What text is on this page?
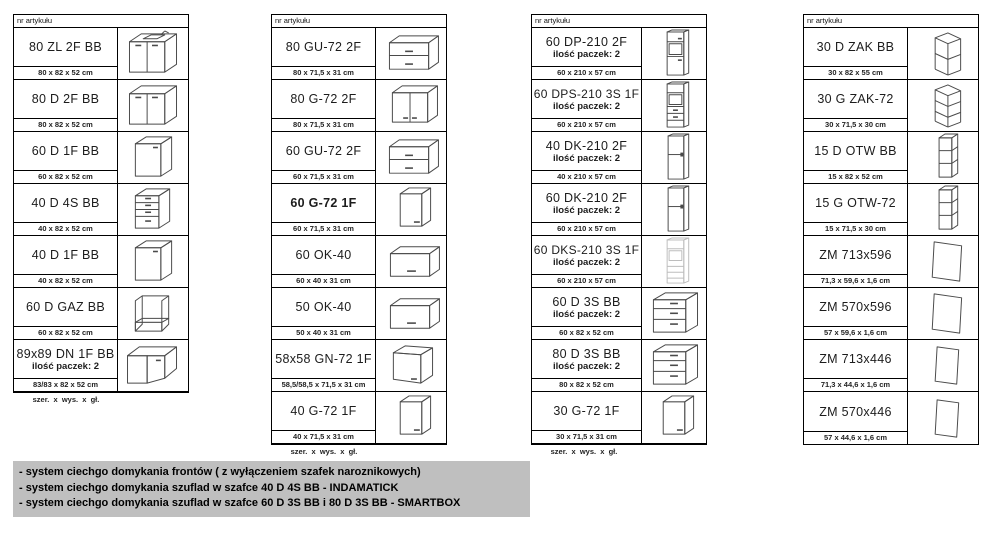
nr artykułu
80 ZL 2F BB
80 x 82 x 52 cm
80 D 2F BB
80 x 82 x 52 cm
60 D 1F BB
60 x 82 x 52 cm
40 D 4S BB
40 x 82 x 52 cm
40 D 1F BB
40 x 82 x 52 cm
60 D GAZ BB
60 x 82 x 52 cm
89x89 DN 1F BB
ilość paczek: 2
83/83 x 82 x 52 cm
szer.  x  wys.  x  gł.
nr artykułu
80 GU-72 2F
80 x 71,5 x 31 cm
80 G-72 2F
80 x 71,5 x 31 cm
60 GU-72 2F
60 x 71,5 x 31 cm
60 G-72 1F
60 x 71,5 x 31 cm
60 OK-40
60 x 40 x 31 cm
50 OK-40
50 x 40 x 31 cm
58x58 GN-72 1F
58,5/58,5 x 71,5 x 31 cm
40 G-72 1F
40 x 71,5 x 31 cm
szer.  x  wys.  x  gł.
nr artykułu
60 DP-210 2F
ilość paczek: 2
60 x 210 x 57 cm
60 DPS-210 3S 1F
ilość paczek: 2
60 x 210 x 57 cm
40 DK-210 2F
ilość paczek: 2
40 x 210 x 57 cm
60 DK-210 2F
ilość paczek: 2
60 x 210 x 57 cm
60 DKS-210 3S 1F
ilość paczek: 2
60 x 210 x 57 cm
60 D 3S BB
ilość paczek: 2
60 x 82 x 52 cm
80 D 3S BB
ilość paczek: 2
80 x 82 x 52 cm
30 G-72 1F
30 x 71,5 x 31 cm
szer.  x  wys.  x  gł.
nr artykułu
30 D ZAK BB
30 x 82 x 55 cm
30 G ZAK-72
30 x 71,5 x 30 cm
15 D OTW BB
15 x 82 x 52 cm
15 G OTW-72
15 x 71,5 x 30 cm
ZM 713x596
71,3 x 59,6 x 1,6 cm
ZM 570x596
57 x 59,6 x 1,6 cm
ZM 713x446
71,3 x 44,6 x 1,6 cm
ZM 570x446
57 x 44,6 x 1,6 cm
- system ciechgo domykania frontów ( z wyłączeniem szafek naroznikowych)
- system ciechgo domykania szuflad w szafce 40 D 4S BB - INDAMATICK
- system ciechgo domykania szuflad w szafce 60 D 3S BB i 80 D 3S BB - SMARTBOX
